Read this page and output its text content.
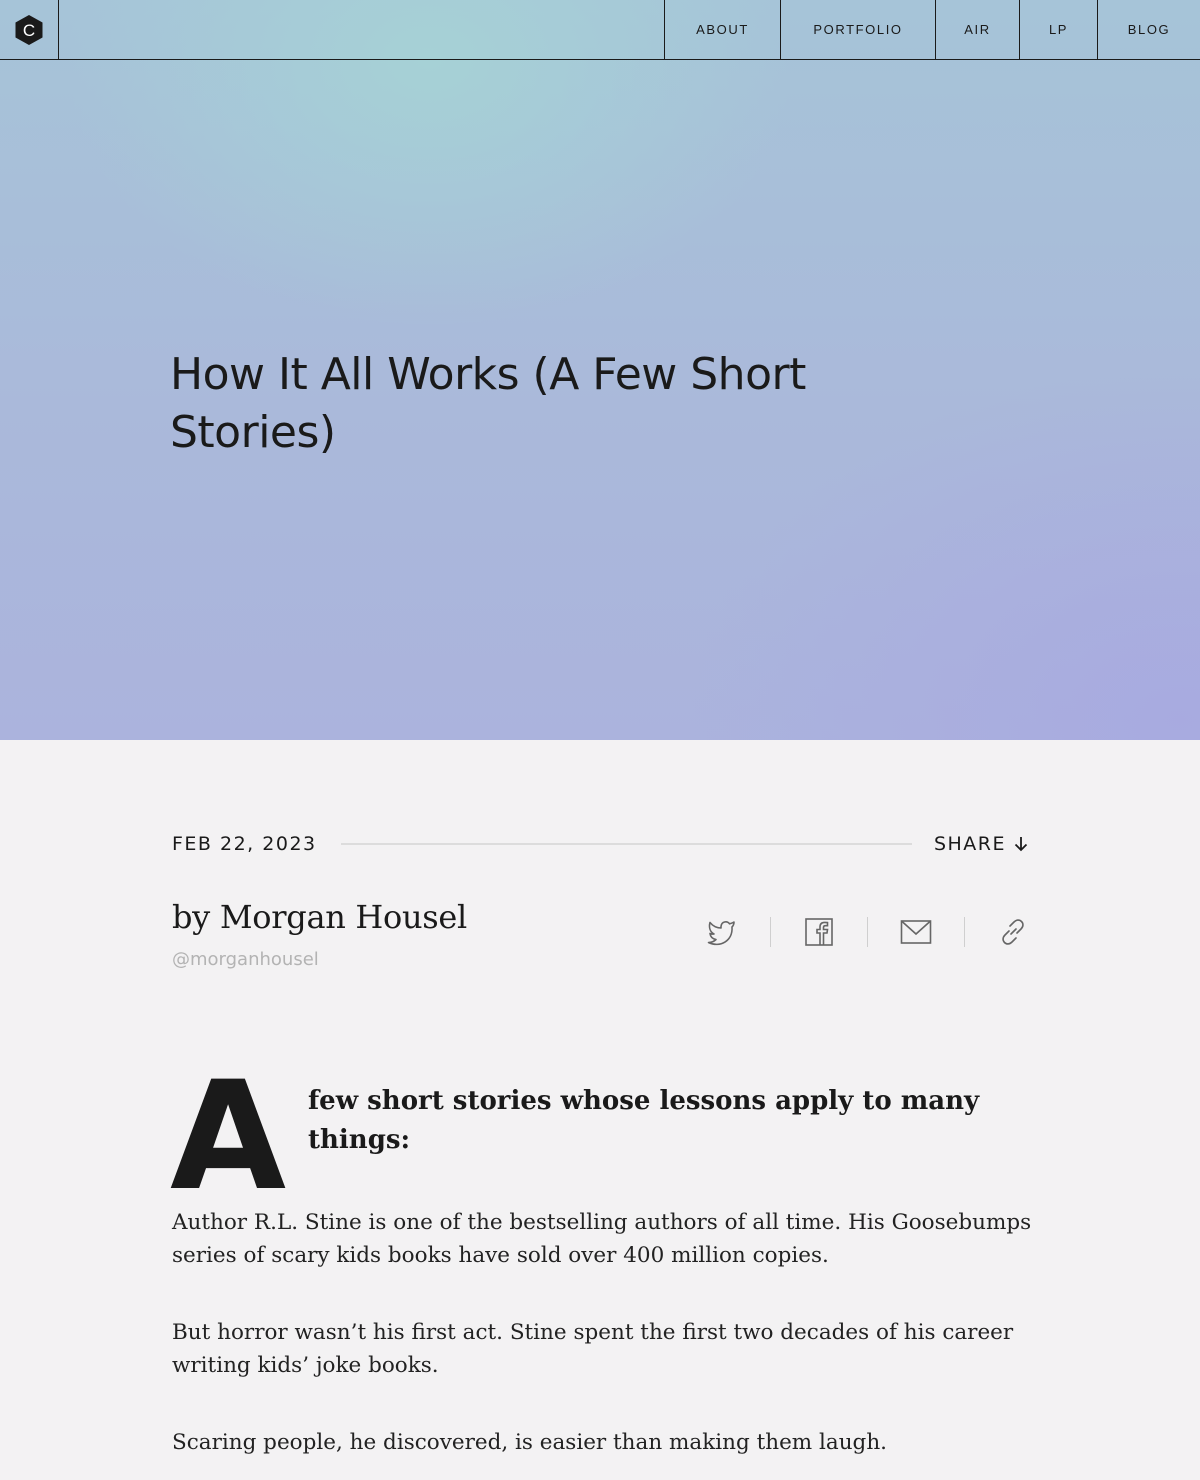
C	ABOUT	PORTFOLIO	AIR	LP	BLOG
How It All Works (A Few Short Stories)
FEB 22, 2023	SHARE
by Morgan Housel
@morganhousel
A few short stories whose lessons apply to many things:

Author R.L. Stine is one of the bestselling authors of all time. His Goosebumps series of scary kids books have sold over 400 million copies.

But horror wasn’t his first act. Stine spent the first two decades of his career writing kids’ joke books.

Scaring people, he discovered, is easier than making them laugh.
